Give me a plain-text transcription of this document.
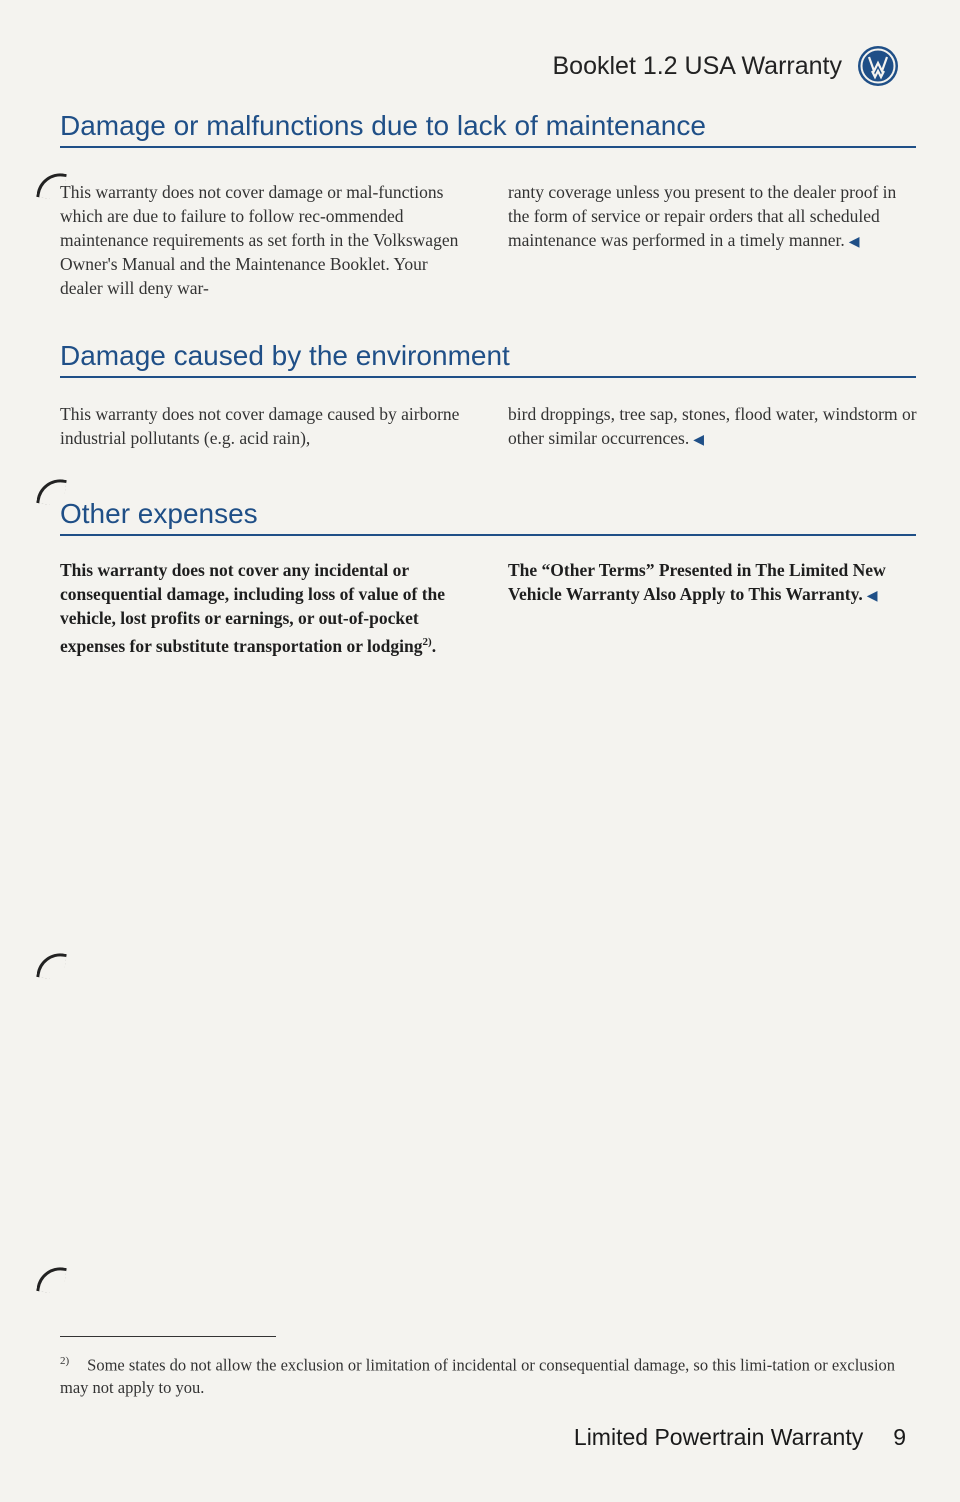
Booklet 1.2 USA Warranty
Damage or malfunctions due to lack of maintenance
This warranty does not cover damage or mal-functions which are due to failure to follow rec-ommended maintenance requirements as set forth in the Volkswagen Owner's Manual and the Maintenance Booklet. Your dealer will deny war-
ranty coverage unless you present to the dealer proof in the form of service or repair orders that all scheduled maintenance was performed in a timely manner. ◀
Damage caused by the environment
This warranty does not cover damage caused by airborne industrial pollutants (e.g. acid rain),
bird droppings, tree sap, stones, flood water, windstorm or other similar occurrences. ◀
Other expenses
This warranty does not cover any incidental or consequential damage, including loss of value of the vehicle, lost profits or earnings, or out-of-pocket expenses for substitute transportation or lodging$^{2)}$.
The “Other Terms” Presented in The Limited New Vehicle Warranty Also Apply to This Warranty. ◀
$^{2)}$ Some states do not allow the exclusion or limitation of incidental or consequential damage, so this limi-tation or exclusion may not apply to you.
Limited Powertrain Warranty 9
